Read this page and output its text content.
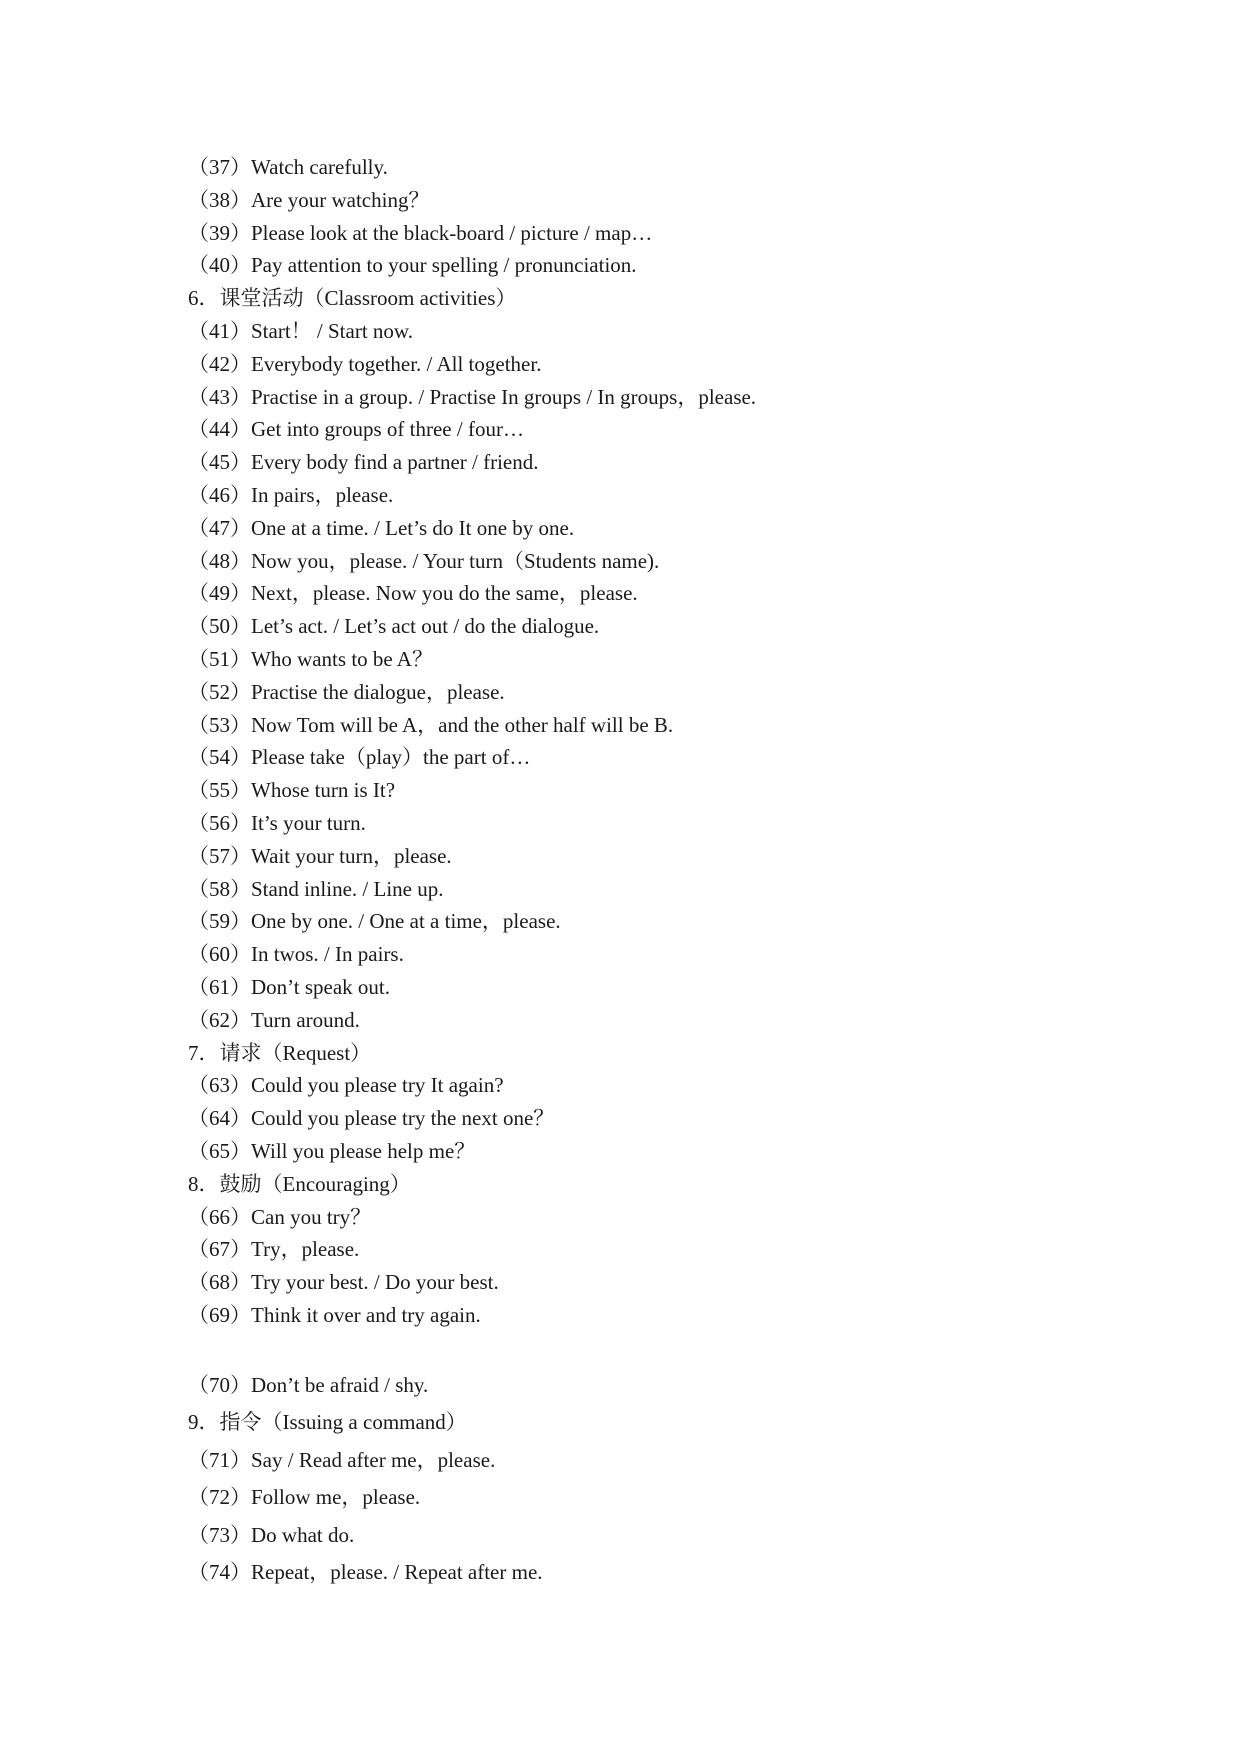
（37）Watch carefully.
（38）Are your watching？
（39）Please look at the black-board / picture / map…
（40）Pay attention to your spelling / pronunciation.
6．课堂活动（Classroom activities）
（41）Start！ / Start now.
（42）Everybody together. / All together.
（43）Practise in a group. / Practise In groups / In groups，please.
（44）Get into groups of three / four…
（45）Every body find a partner / friend.
（46）In pairs，please.
（47）One at a time. / Let’s do It one by one.
（48）Now you，please. / Your turn（Students name).
（49）Next，please. Now you do the same，please.
（50）Let’s act. / Let’s act out / do the dialogue.
（51）Who wants to be A？
（52）Practise the dialogue，please.
（53）Now Tom will be A，and the other half will be B.
（54）Please take（play）the part of…
（55）Whose turn is It?
（56）It’s your turn.
（57）Wait your turn，please.
（58）Stand inline. / Line up.
（59）One by one. / One at a time，please.
（60）In twos. / In pairs.
（61）Don’t speak out.
（62）Turn around.
7．请求（Request）
（63）Could you please try It again?
（64）Could you please try the next one？
（65）Will you please help me？
8．鼓励（Encouraging）
（66）Can you try？
（67）Try，please.
（68）Try your best. / Do your best.
（69）Think it over and try again.
（70）Don’t be afraid / shy.
9．指令（Issuing a command）
（71）Say / Read after me，please.
（72）Follow me，please.
（73）Do what do.
（74）Repeat，please. / Repeat after me.
